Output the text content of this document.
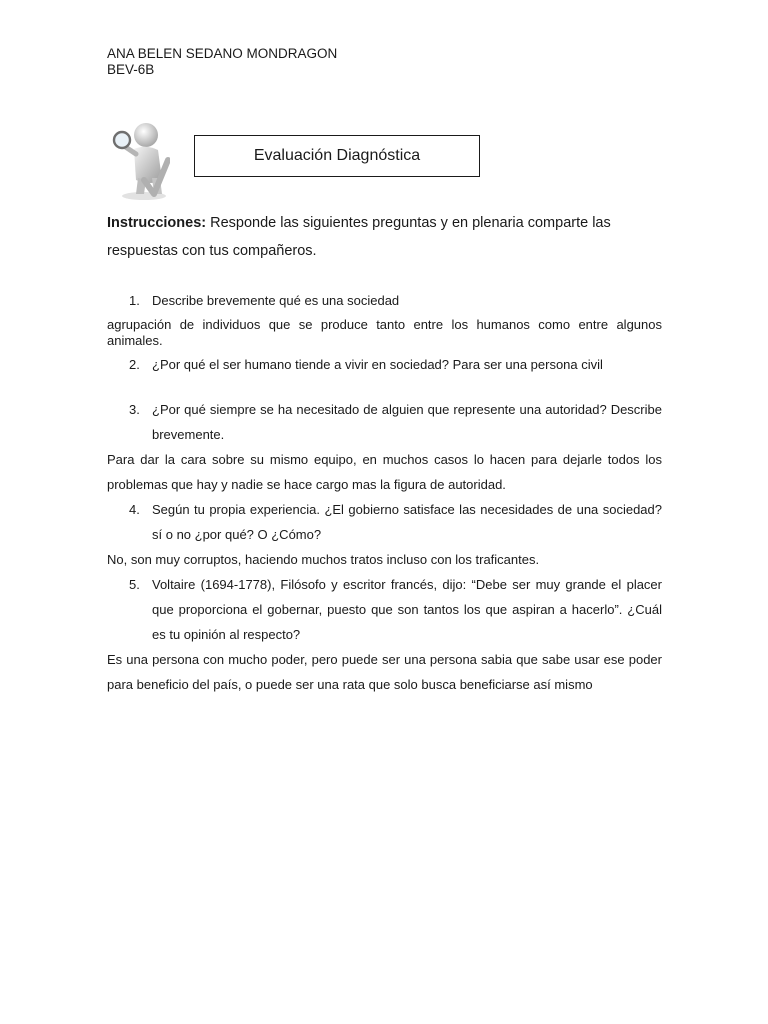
ANA BELEN SEDANO MONDRAGON
BEV-6B
Evaluación Diagnóstica
Instrucciones: Responde las siguientes preguntas y en plenaria comparte las respuestas con tus compañeros.
1. Describe brevemente qué es una sociedad
agrupación de individuos que se produce tanto entre los humanos como entre algunos animales.
2. ¿Por qué el ser humano tiende a vivir en sociedad? Para ser una persona civil
3. ¿Por qué siempre se ha necesitado de alguien que represente una autoridad? Describe brevemente.
Para dar la cara sobre su mismo equipo, en muchos casos lo hacen para dejarle todos los problemas que hay y nadie se hace cargo mas la figura de autoridad.
4. Según tu propia experiencia. ¿El gobierno satisface las necesidades de una sociedad? sí o no ¿por qué? O ¿Cómo?
No, son muy corruptos, haciendo muchos tratos incluso con los traficantes.
5. Voltaire (1694-1778), Filósofo y escritor francés, dijo: “Debe ser muy grande el placer que proporciona el gobernar, puesto que son tantos los que aspiran a hacerlo”. ¿Cuál es tu opinión al respecto?
Es una persona con mucho poder, pero puede ser una persona sabia que sabe usar ese poder para beneficio del país, o puede ser una rata que solo busca beneficiarse así mismo
